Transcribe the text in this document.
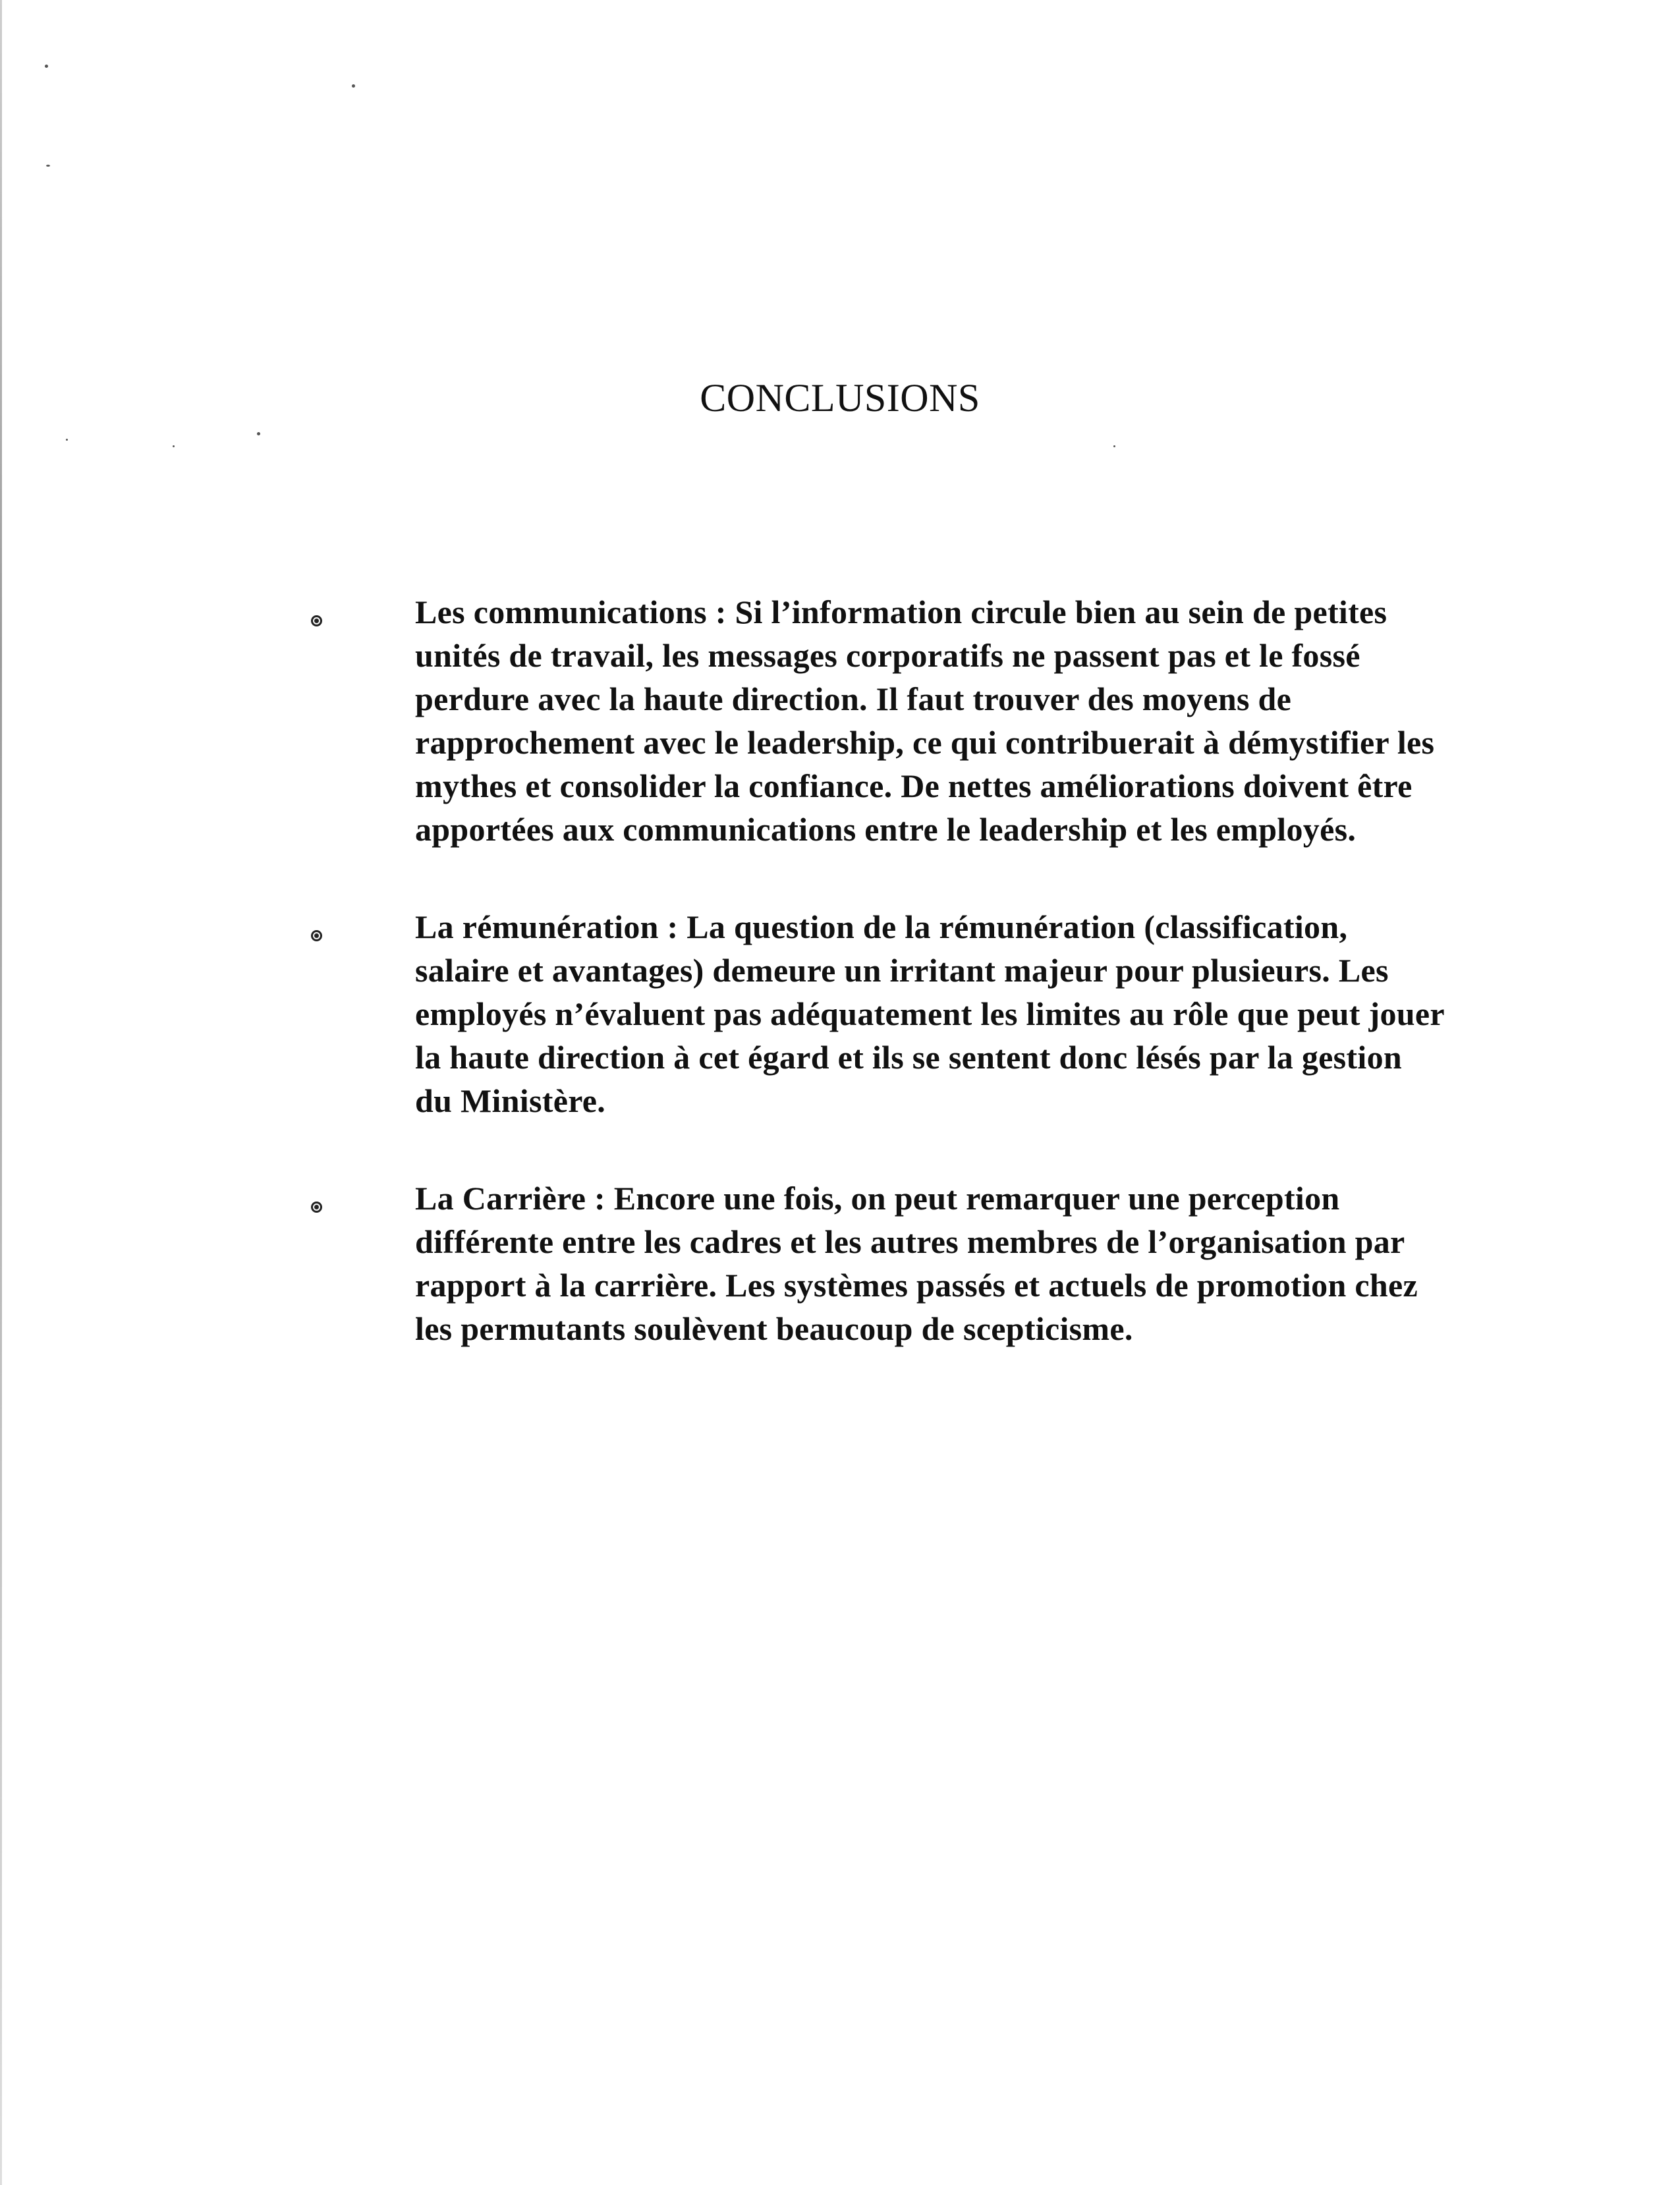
CONCLUSIONS
Les communications : Si l’information circule bien au sein de petites
unités de travail, les messages corporatifs ne passent pas et le fossé
perdure avec la haute direction. Il faut trouver des moyens de
rapprochement avec le leadership, ce qui contribuerait à démystifier les
mythes et consolider la confiance. De nettes améliorations doivent être
apportées aux communications entre le leadership et les employés.
La rémunération : La question de la rémunération (classification,
salaire et avantages) demeure un irritant majeur pour plusieurs. Les
employés n’évaluent pas adéquatement les limites au rôle que peut jouer
la haute direction à cet égard et ils se sentent donc lésés par la gestion
du Ministère.
La Carrière : Encore une fois, on peut remarquer une perception
différente entre les cadres et les autres membres de l’organisation par
rapport à la carrière. Les systèmes passés et actuels de promotion chez
les permutants soulèvent beaucoup de scepticisme.
